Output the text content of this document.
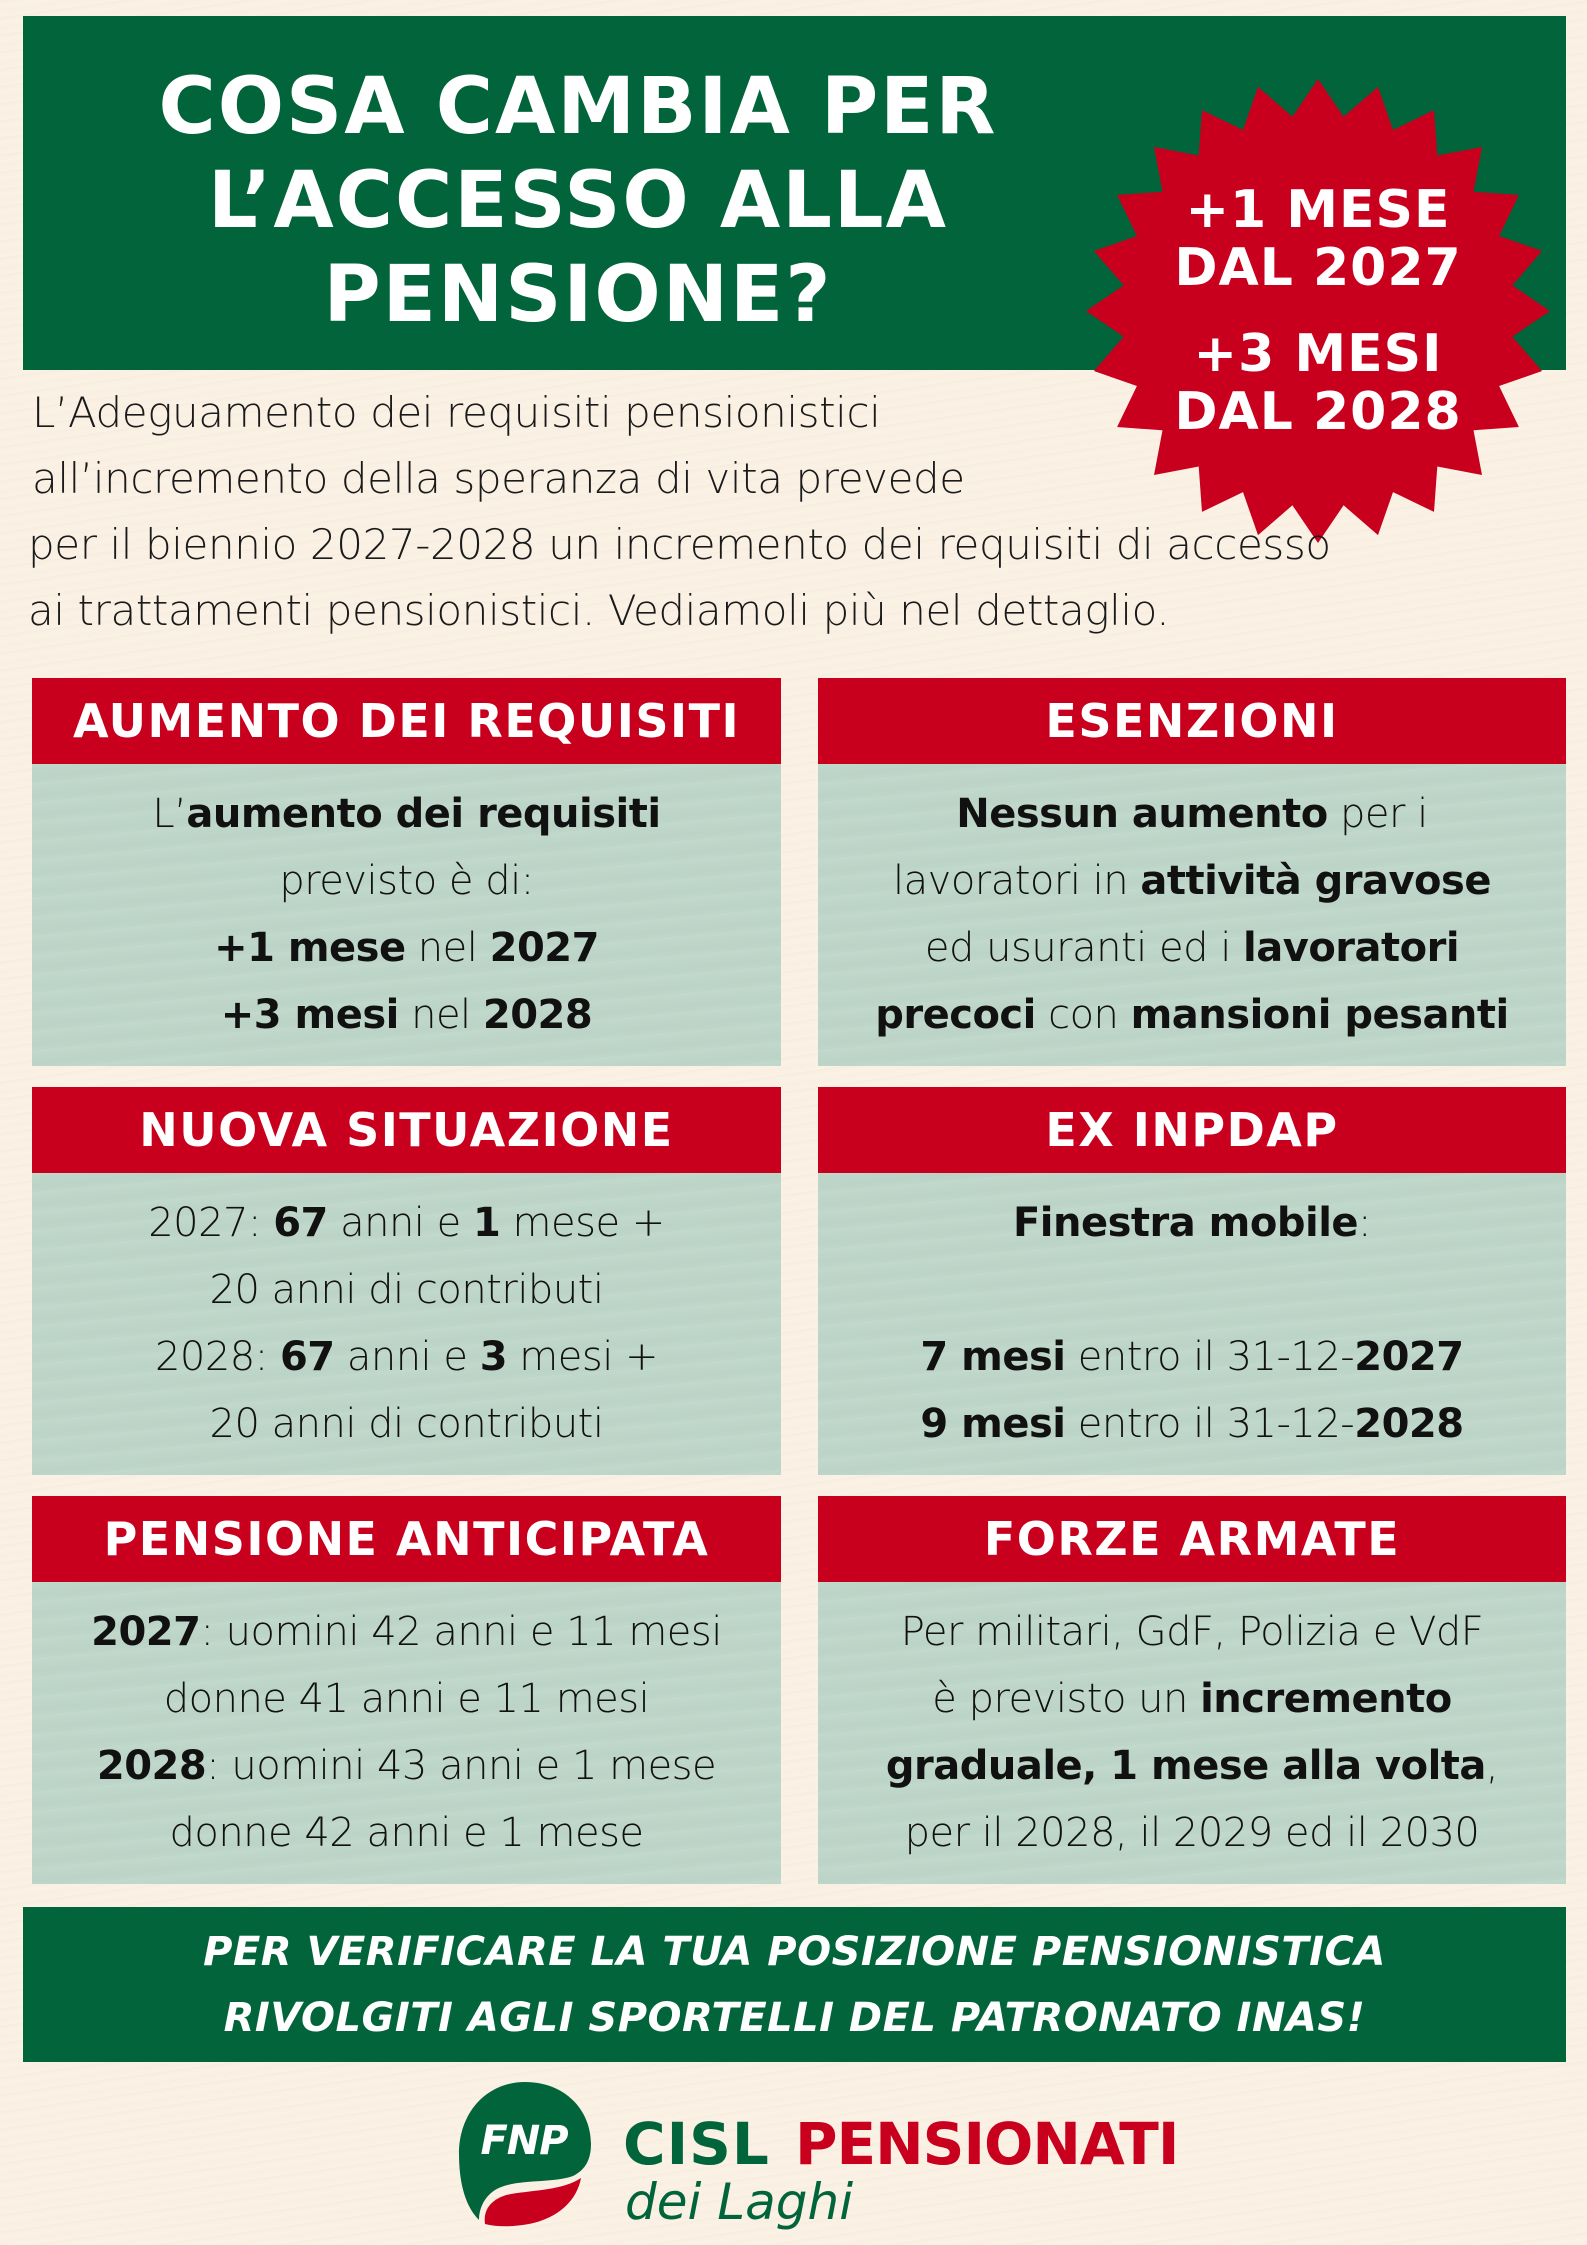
COSA CAMBIA PER
L’ACCESSO ALLA
PENSIONE?
+1 MESE
DAL 2027
+3 MESI
DAL 2028
L’Adeguamento dei requisiti pensionistici
all’incremento della speranza di vita prevede
per il biennio 2027-2028 un incremento dei requisiti di accesso
ai trattamenti pensionistici. Vediamoli più nel dettaglio.
AUMENTO DEI REQUISITI
L’aumento dei requisiti
previsto è di:
+1 mese nel 2027
+3 mesi nel 2028
ESENZIONI
Nessun aumento per i
lavoratori in attività gravose
ed usuranti ed i lavoratori
precoci con mansioni pesanti
NUOVA SITUAZIONE
2027: 67 anni e 1 mese +
20 anni di contributi
2028: 67 anni e 3 mesi +
20 anni di contributi
EX INPDAP
Finestra mobile:
7 mesi entro il 31-12-2027
9 mesi entro il 31-12-2028
PENSIONE ANTICIPATA
2027: uomini 42 anni e 11 mesi
donne 41 anni e 11 mesi
2028: uomini 43 anni e 1 mese
donne 42 anni e 1 mese
FORZE ARMATE
Per militari, GdF, Polizia e VdF
è previsto un incremento
graduale, 1 mese alla volta,
per il 2028, il 2029 ed il 2030
PER VERIFICARE LA TUA POSIZIONE PENSIONISTICA
RIVOLGITI AGLI SPORTELLI DEL PATRONATO INAS!
FNP CISL PENSIONATI
dei Laghi
